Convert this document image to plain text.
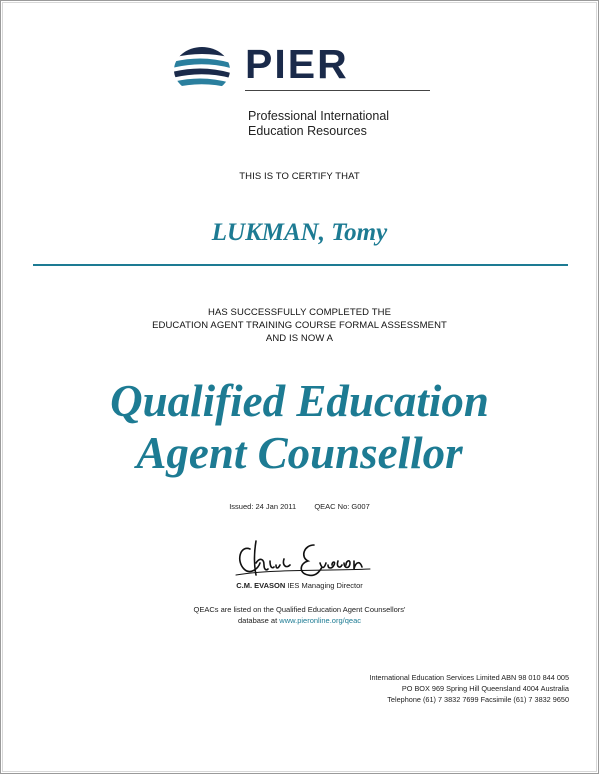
PIER
Professional International
Education Resources
THIS IS TO CERTIFY THAT
LUKMAN, Tomy
HAS SUCCESSFULLY COMPLETED THE
EDUCATION AGENT TRAINING COURSE FORMAL ASSESSMENT
AND IS NOW A
Qualified Education
Agent Counsellor
Issued: 24 Jan 2011 QEAC No: G007
C.M. EVASON IES Managing Director
QEACs are listed on the Qualified Education Agent Counsellors'
database at www.pieronline.org/qeac
International Education Services Limited ABN 98 010 844 005
PO BOX 969 Spring Hill Queensland 4004 Australia
Telephone (61) 7 3832 7699 Facsimile (61) 7 3832 9650
